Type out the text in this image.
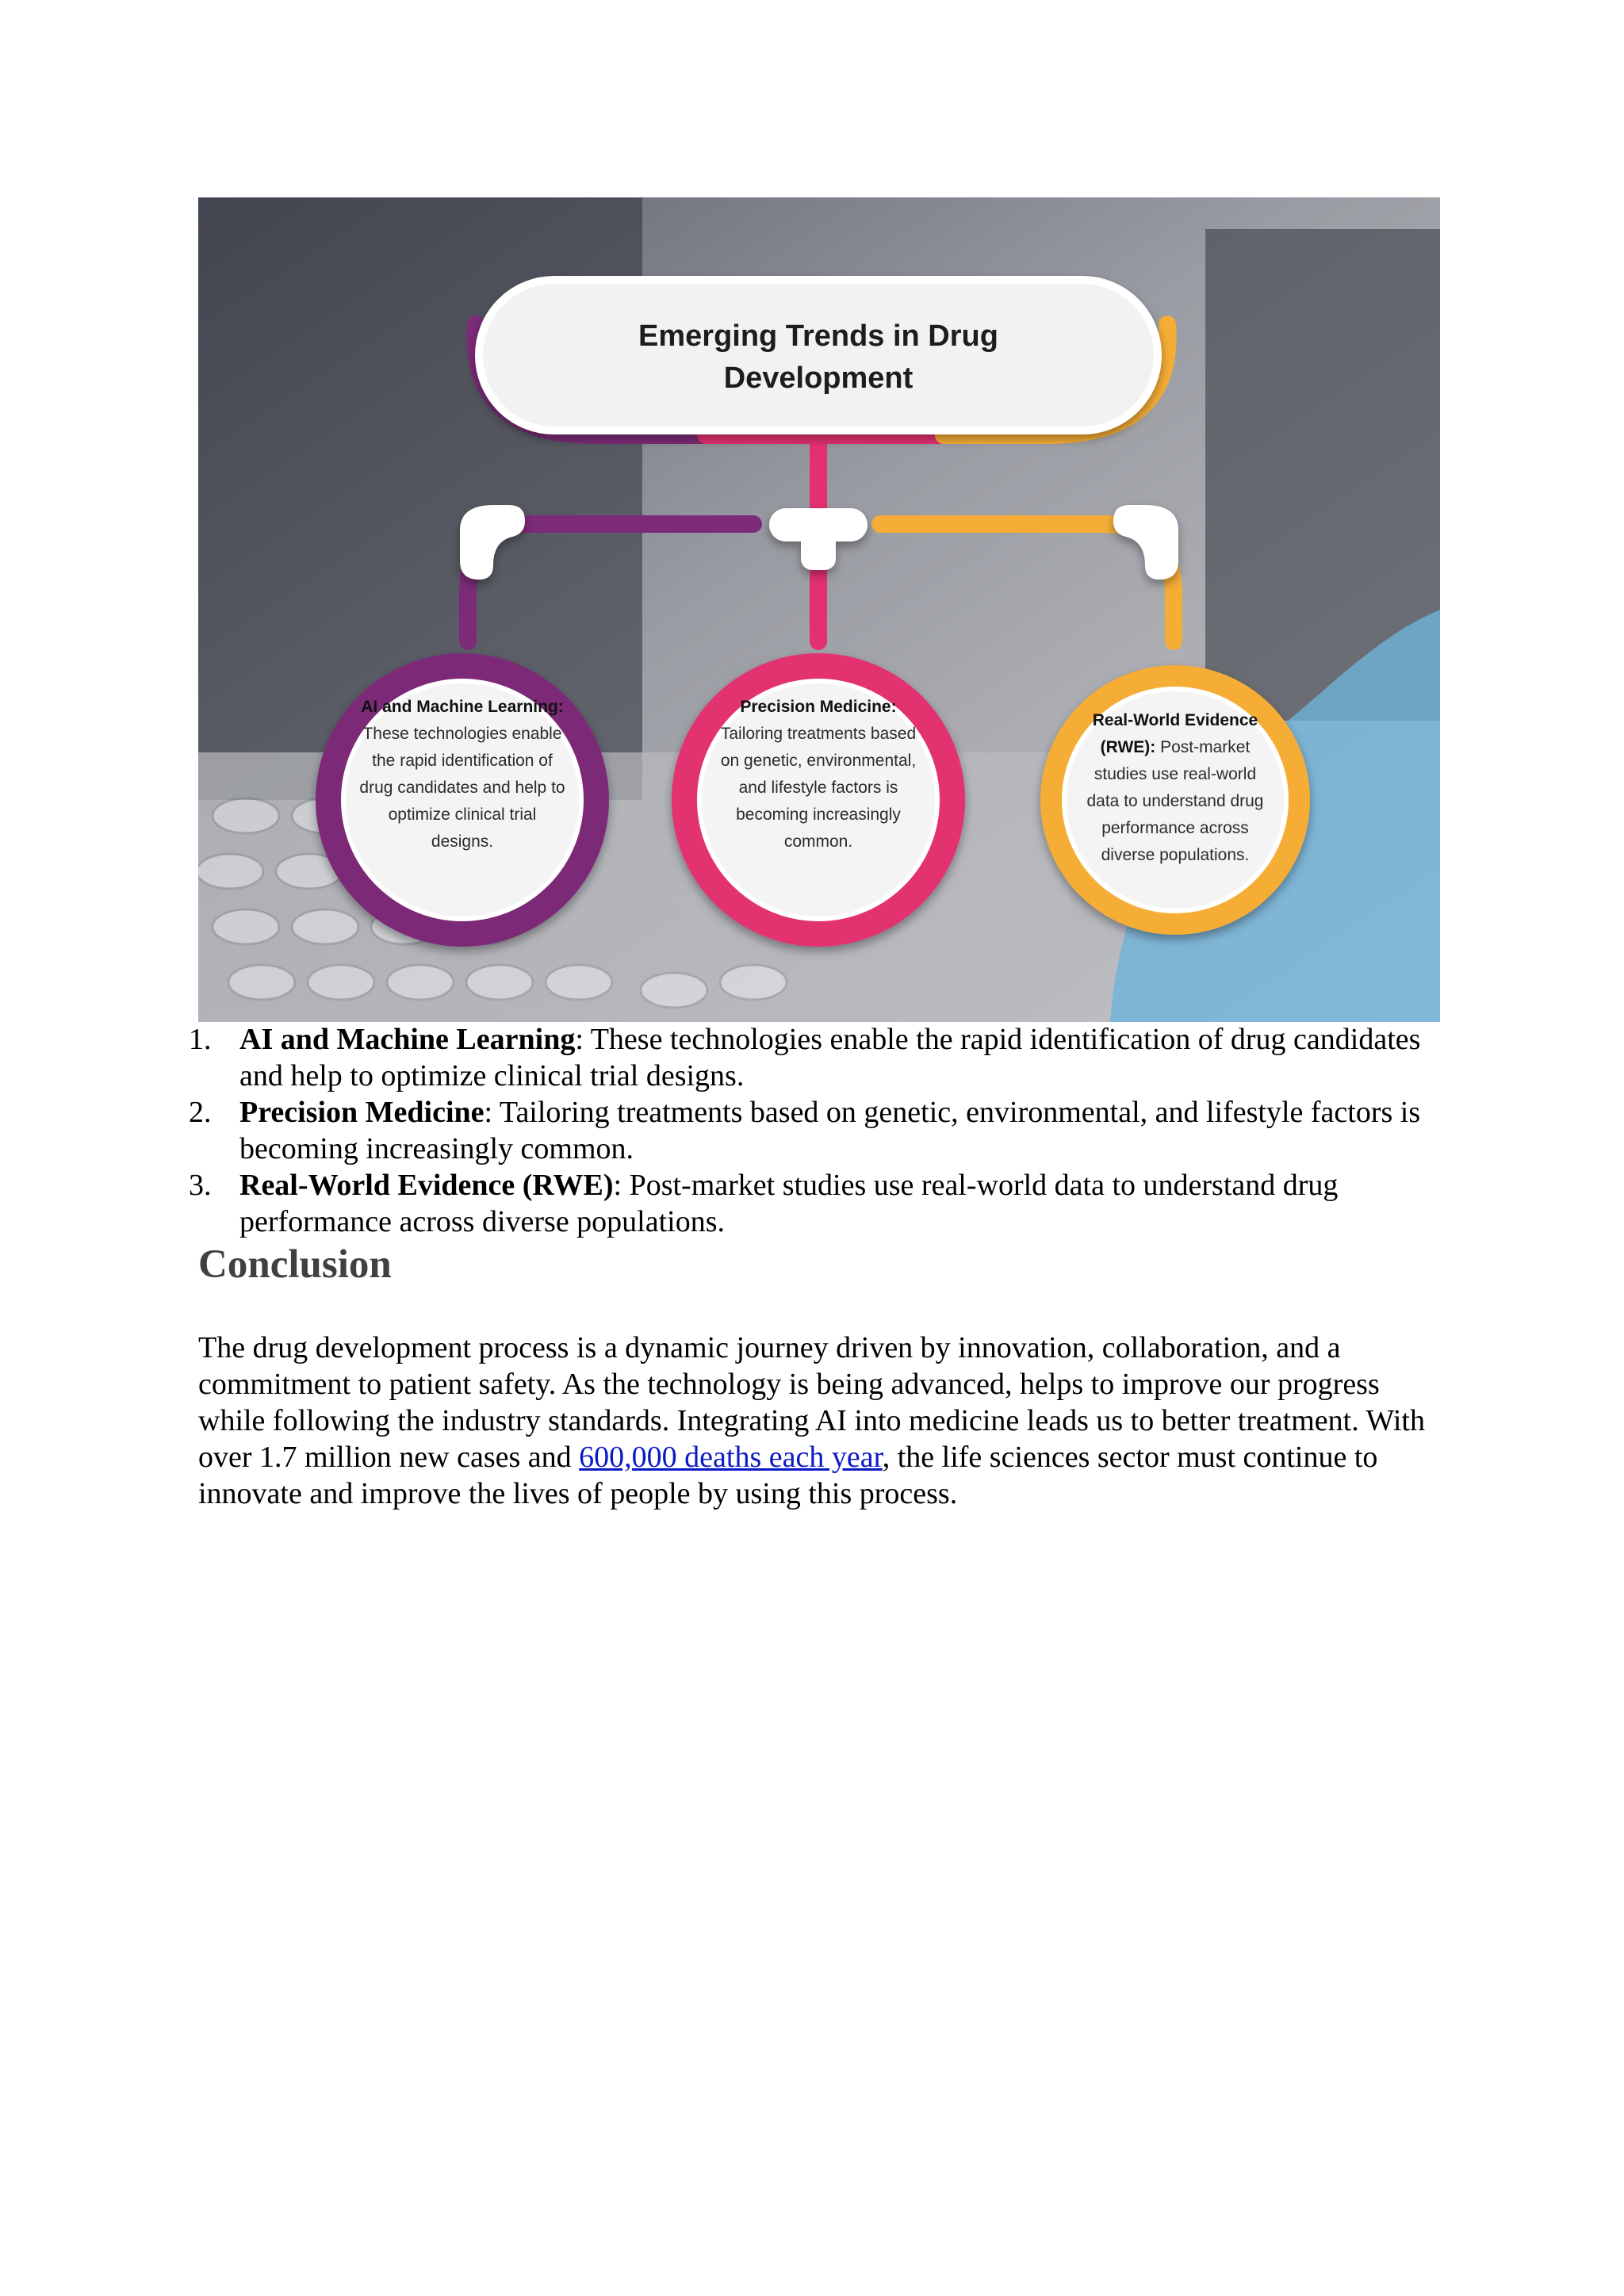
Emerging Trends in Drug
Development
AI and Machine Learning: These technologies enable the rapid identification of drug candidates and help to optimize clinical trial designs.
Precision Medicine: Tailoring treatments based on genetic, environmental, and lifestyle factors is becoming increasingly common.
Real-World Evidence (RWE): Post-market studies use real-world data to understand drug performance across diverse populations.
1. AI and Machine Learning: These technologies enable the rapid identification of drug candidates and help to optimize clinical trial designs.
2. Precision Medicine: Tailoring treatments based on genetic, environmental, and lifestyle factors is becoming increasingly common.
3. Real-World Evidence (RWE): Post-market studies use real-world data to understand drug performance across diverse populations.
Conclusion

The drug development process is a dynamic journey driven by innovation, collaboration, and a commitment to patient safety. As the technology is being advanced, helps to improve our progress while following the industry standards. Integrating AI into medicine leads us to better treatment. With over 1.7 million new cases and 600,000 deaths each year, the life sciences sector must continue to innovate and improve the lives of people by using this process.
